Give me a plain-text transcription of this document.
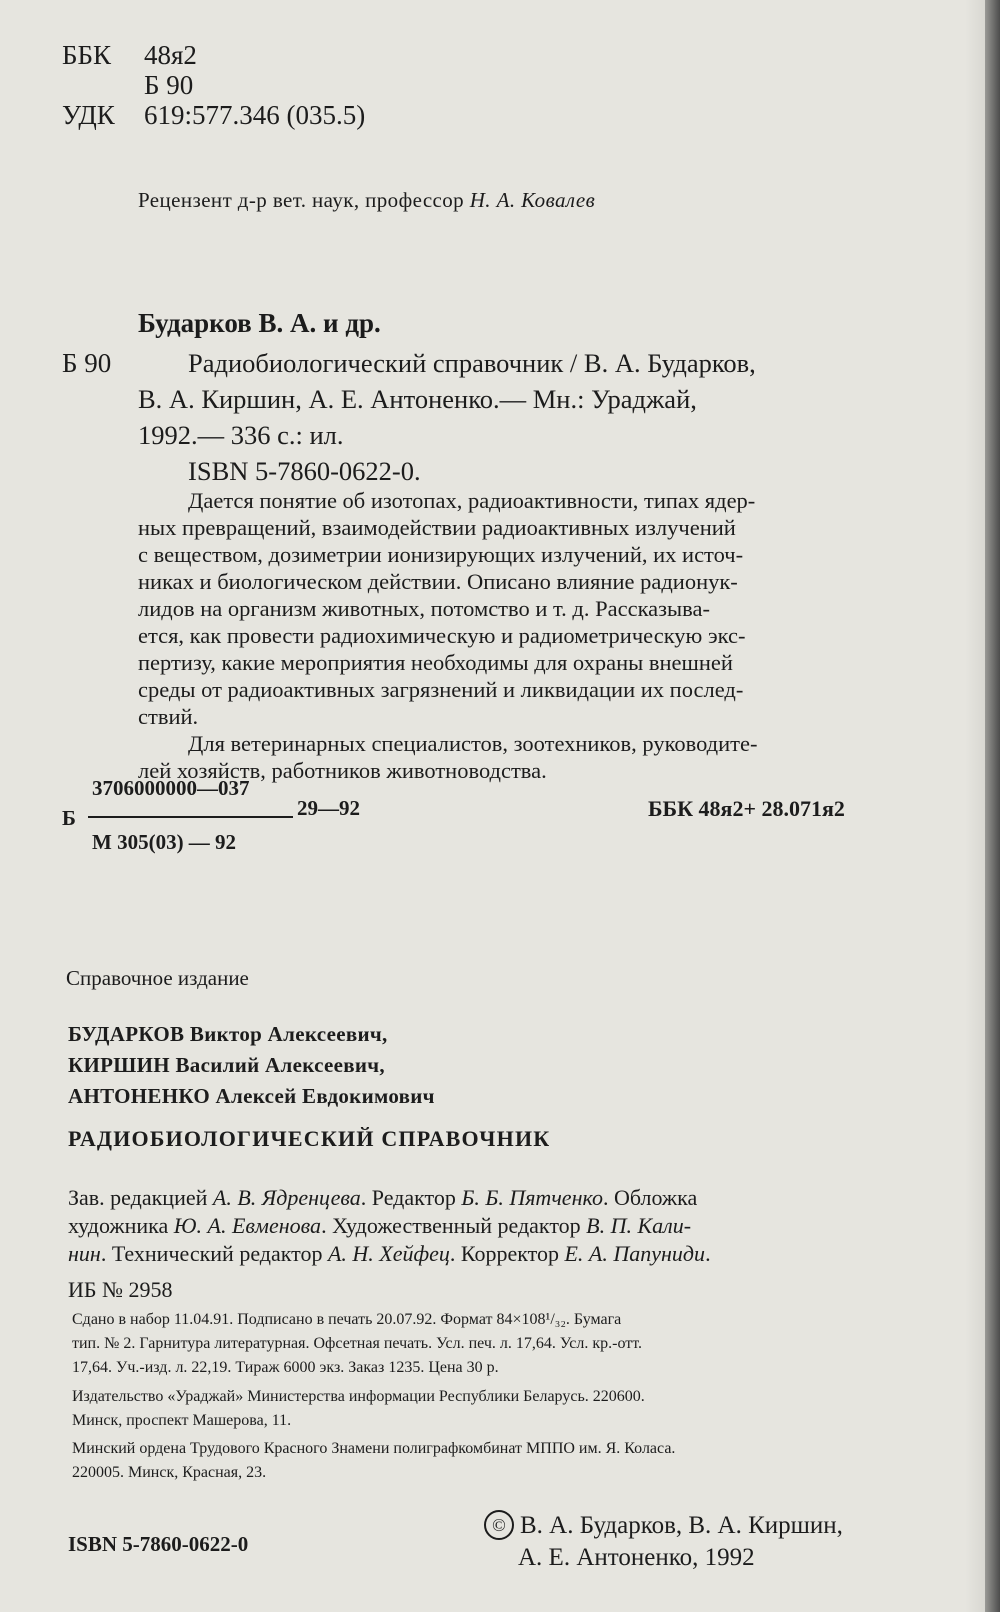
ББК	48я2
Б 90
УДК	619:577.346 (035.5)

Рецензент д-р вет. наук, профессор Н. А. Ковалев

Бударков В. А. и др.

Б 90	Радиобиологический справочник / В. А. Бударков,

В. А. Киршин, А. Е. Антоненко.— Мн.: Ураджай,

1992.— 336 с.: ил.

ISBN 5-7860-0622-0.

Дается понятие об изотопах, радиоактивности, типах ядер-

ных превращений, взаимодействии радиоактивных излучений

с веществом, дозиметрии ионизирующих излучений, их источ-

никах и биологическом действии. Описано влияние радионук-

лидов на организм животных, потомство и т. д. Рассказыва-

ется, как провести радиохимическую и радиометрическую экс-

пертизу, какие мероприятия необходимы для охраны внешней

среды от радиоактивных загрязнений и ликвидации их послед-

ствий.

Для ветеринарных специалистов, зоотехников, руководите-

лей хозяйств, работников животноводства.

3706000000—037

Б	29—92

М 305(03) — 92

ББК 48я2+ 28.071я2

Справочное издание

БУДАРКОВ Виктор Алексеевич,
КИРШИН Василий Алексеевич,
АНТОНЕНКО Алексей Евдокимович

РАДИОБИОЛОГИЧЕСКИЙ СПРАВОЧНИК

Зав. редакцией А. В. Ядренцева. Редактор Б. Б. Пятченко. Обложка

художника Ю. А. Евменова. Художественный редактор В. П. Кали-

нин. Технический редактор А. Н. Хейфец. Корректор Е. А. Папуниди.

ИБ № 2958

Сдано в набор 11.04.91. Подписано в печать 20.07.92. Формат 84×108¹/₃₂. Бумага

тип. № 2. Гарнитура литературная. Офсетная печать. Усл. печ. л. 17,64. Усл. кр.-отт.

17,64. Уч.-изд. л. 22,19. Тираж 6000 экз. Заказ 1235. Цена 30 р.

Издательство «Ураджай» Министерства информации Республики Беларусь. 220600.

Минск, проспект Машерова, 11.

Минский ордена Трудового Красного Знамени полиграфкомбинат МППО им. Я. Коласа.

220005. Минск, Красная, 23.

ISBN 5-7860-0622-0

© В. А. Бударков, В. А. Киршин,
А. Е. Антоненко, 1992
